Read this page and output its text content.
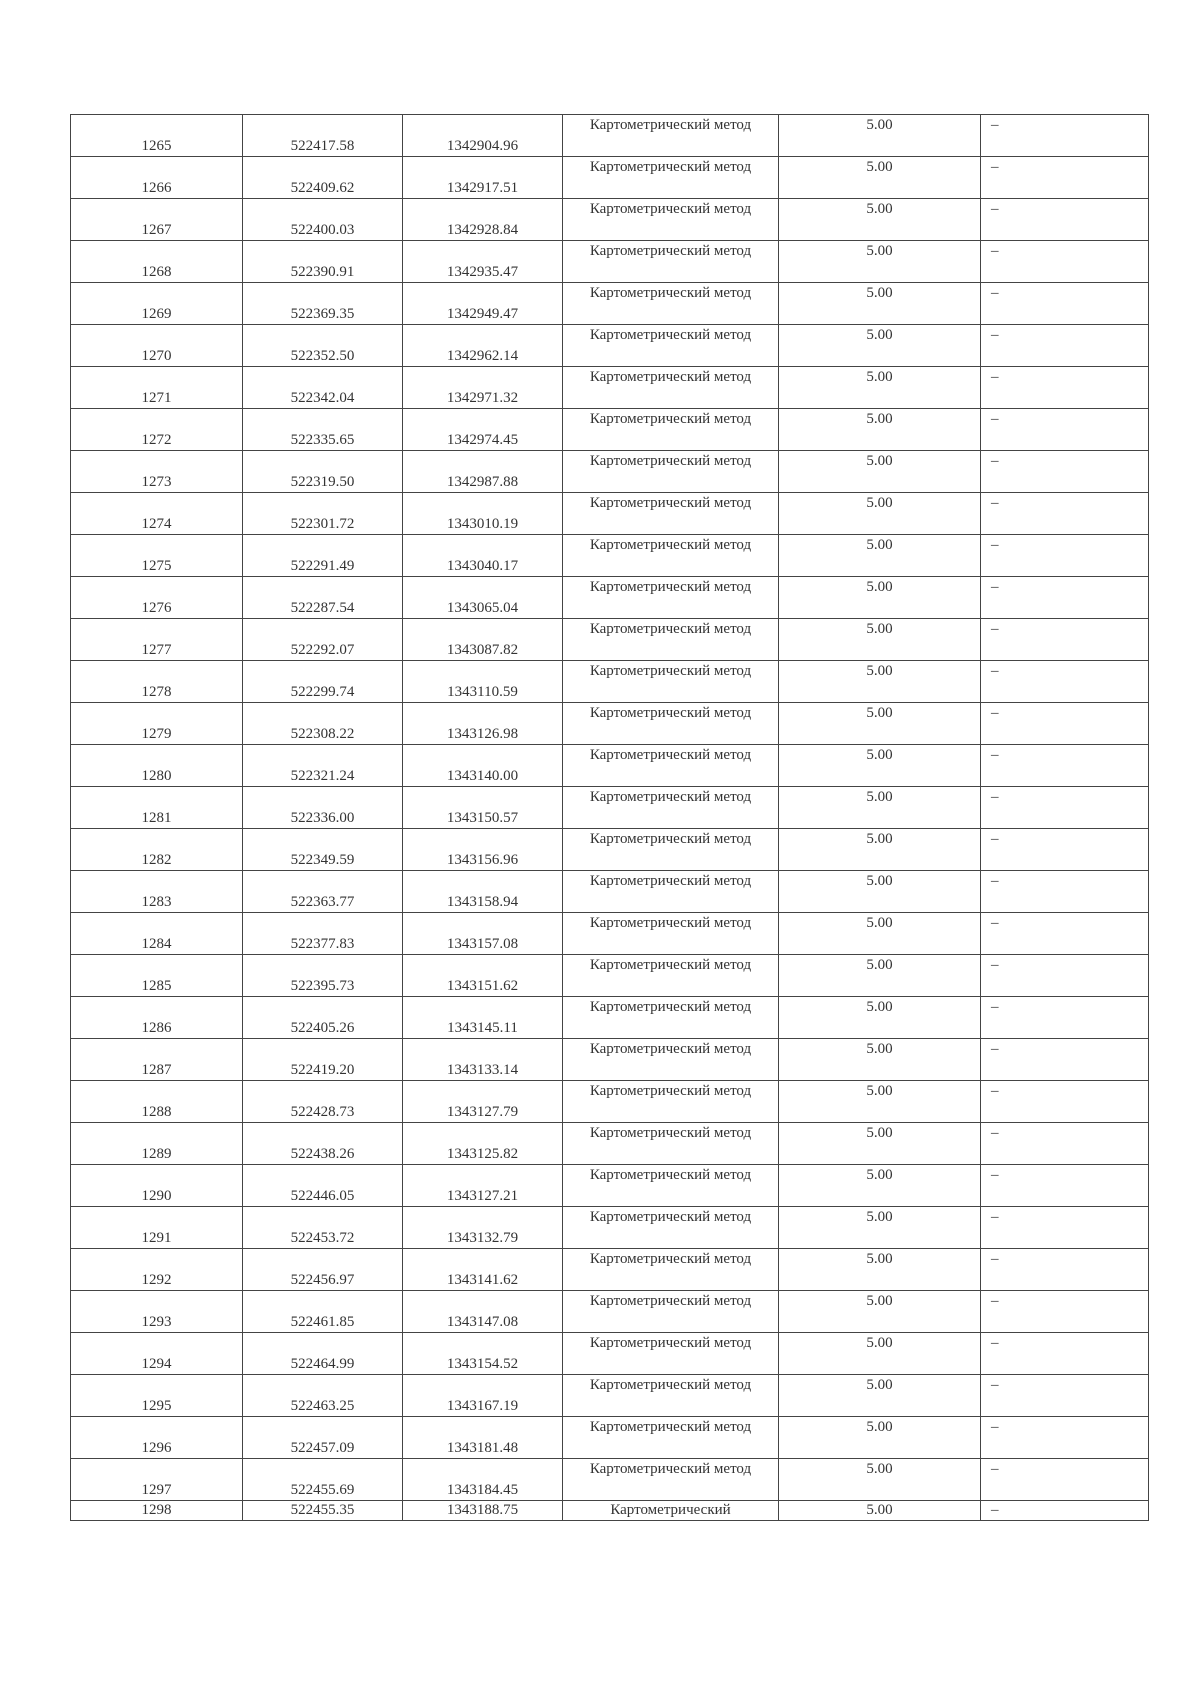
1265	522417.58	1342904.96	Картометрический метод	5.00	–

1266	522409.62	1342917.51	Картометрический метод	5.00	–

1267	522400.03	1342928.84	Картометрический метод	5.00	–

1268	522390.91	1342935.47	Картометрический метод	5.00	–

1269	522369.35	1342949.47	Картометрический метод	5.00	–

1270	522352.50	1342962.14	Картометрический метод	5.00	–

1271	522342.04	1342971.32	Картометрический метод	5.00	–

1272	522335.65	1342974.45	Картометрический метод	5.00	–

1273	522319.50	1342987.88	Картометрический метод	5.00	–

1274	522301.72	1343010.19	Картометрический метод	5.00	–

1275	522291.49	1343040.17	Картометрический метод	5.00	–

1276	522287.54	1343065.04	Картометрический метод	5.00	–

1277	522292.07	1343087.82	Картометрический метод	5.00	–

1278	522299.74	1343110.59	Картометрический метод	5.00	–

1279	522308.22	1343126.98	Картометрический метод	5.00	–

1280	522321.24	1343140.00	Картометрический метод	5.00	–

1281	522336.00	1343150.57	Картометрический метод	5.00	–

1282	522349.59	1343156.96	Картометрический метод	5.00	–

1283	522363.77	1343158.94	Картометрический метод	5.00	–

1284	522377.83	1343157.08	Картометрический метод	5.00	–

1285	522395.73	1343151.62	Картометрический метод	5.00	–

1286	522405.26	1343145.11	Картометрический метод	5.00	–

1287	522419.20	1343133.14	Картометрический метод	5.00	–

1288	522428.73	1343127.79	Картометрический метод	5.00	–

1289	522438.26	1343125.82	Картометрический метод	5.00	–

1290	522446.05	1343127.21	Картометрический метод	5.00	–

1291	522453.72	1343132.79	Картометрический метод	5.00	–

1292	522456.97	1343141.62	Картометрический метод	5.00	–

1293	522461.85	1343147.08	Картометрический метод	5.00	–

1294	522464.99	1343154.52	Картометрический метод	5.00	–

1295	522463.25	1343167.19	Картометрический метод	5.00	–

1296	522457.09	1343181.48	Картометрический метод	5.00	–

1297	522455.69	1343184.45	Картометрический метод	5.00	–

1298	522455.35	1343188.75	Картометрический	5.00	–
